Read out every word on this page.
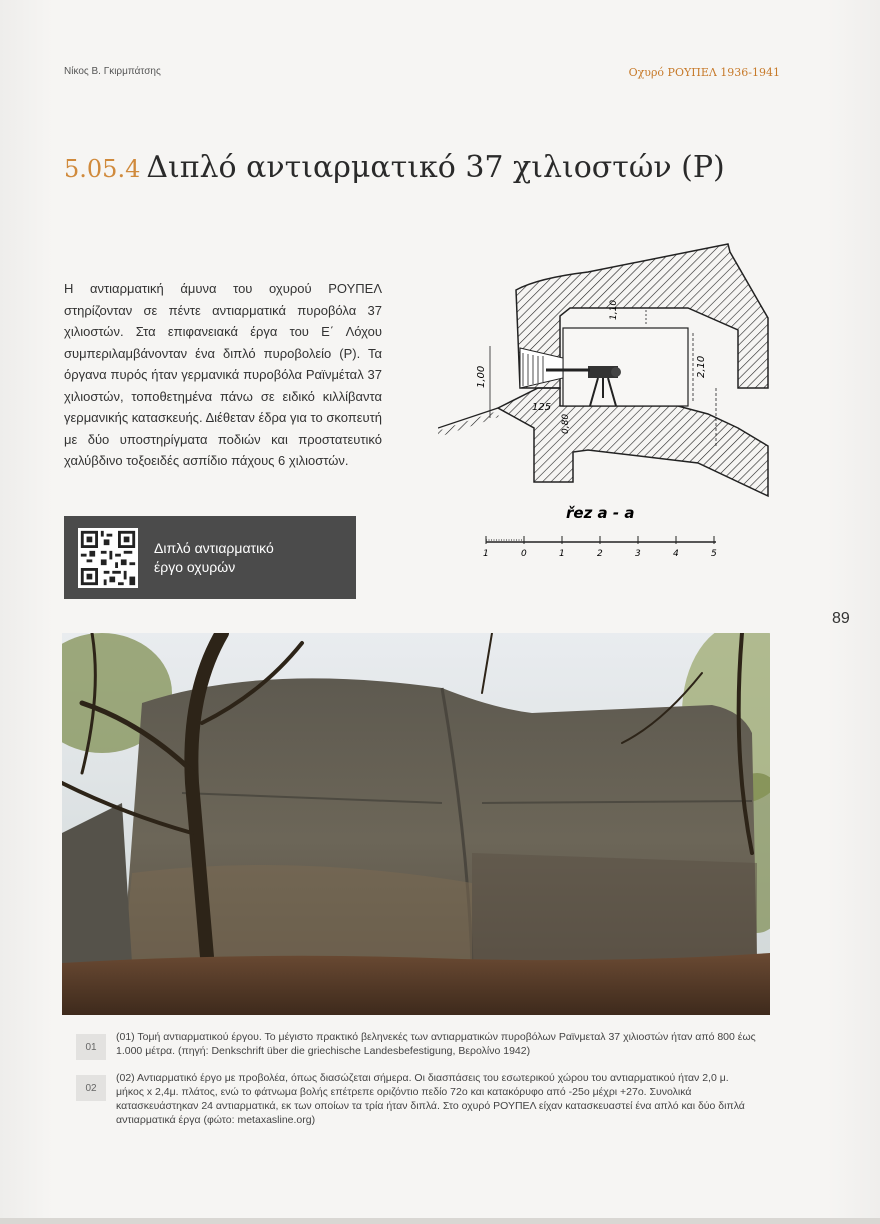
Νίκος Β. Γκιρμπάτσης	Οχυρό ΡΟΥΠΕΛ 1936-1941
5.05.4 Διπλό αντιαρματικό 37 χιλιοστών (Ρ)
Η αντιαρματική άμυνα του οχυρού ΡΟΥΠΕΛ στηρίζονταν σε πέντε αντιαρματικά πυροβόλα 37 χιλιοστών. Στα επιφανειακά έργα του Ε΄ Λόχου συμπεριλαμβάνονταν ένα διπλό πυροβολείο (Ρ). Τα όργανα πυρός ήταν γερμανικά πυροβόλα Ραϊνμέταλ 37 χιλιοστών, τοποθετημένα πάνω σε ειδικό κιλλίβαντα γερμανικής κατασκευής. Διέθεταν έδρα για το σκοπευτή με δύο υποστηρίγματα ποδιών και προστατευτικό χαλύβδινο τοξοειδές ασπίδιο πάχους 6 χιλιοστών.
Διπλό αντιαρματικό
έργο οχυρών
1,00
1,10
2,10
0,80
125
řez a - a
1	0	1	2	3	4	5
89
01
(01) Τομή αντιαρματικού έργου. Το μέγιστο πρακτικό βεληνεκές των αντιαρματικών πυροβόλων Ραϊνμεταλ 37 χιλιοστών ήταν από 800 έως 1.000 μέτρα. (πηγή: Denkschrift über die griechische Landesbefestigung, Βερολίνο 1942)
02
(02) Αντιαρματικό έργο με προβολέα, όπως διασώζεται σήμερα. Οι διασπάσεις του εσωτερικού χώρου του αντιαρματικού ήταν 2,0 μ. μήκος x 2,4μ. πλάτος, ενώ το φάτνωμα βολής επέτρεπε οριζόντιο πεδίο 72ο και κατακόρυφο από -25ο μέχρι +27ο. Συνολικά κατασκευάστηκαν 24 αντιαρματικά, εκ των οποίων τα τρία ήταν διπλά. Στο οχυρό ΡΟΥΠΕΛ είχαν κατασκευαστεί ένα απλό και δύο διπλά αντιαρματικά έργα (φώτο: metaxasline.org)
